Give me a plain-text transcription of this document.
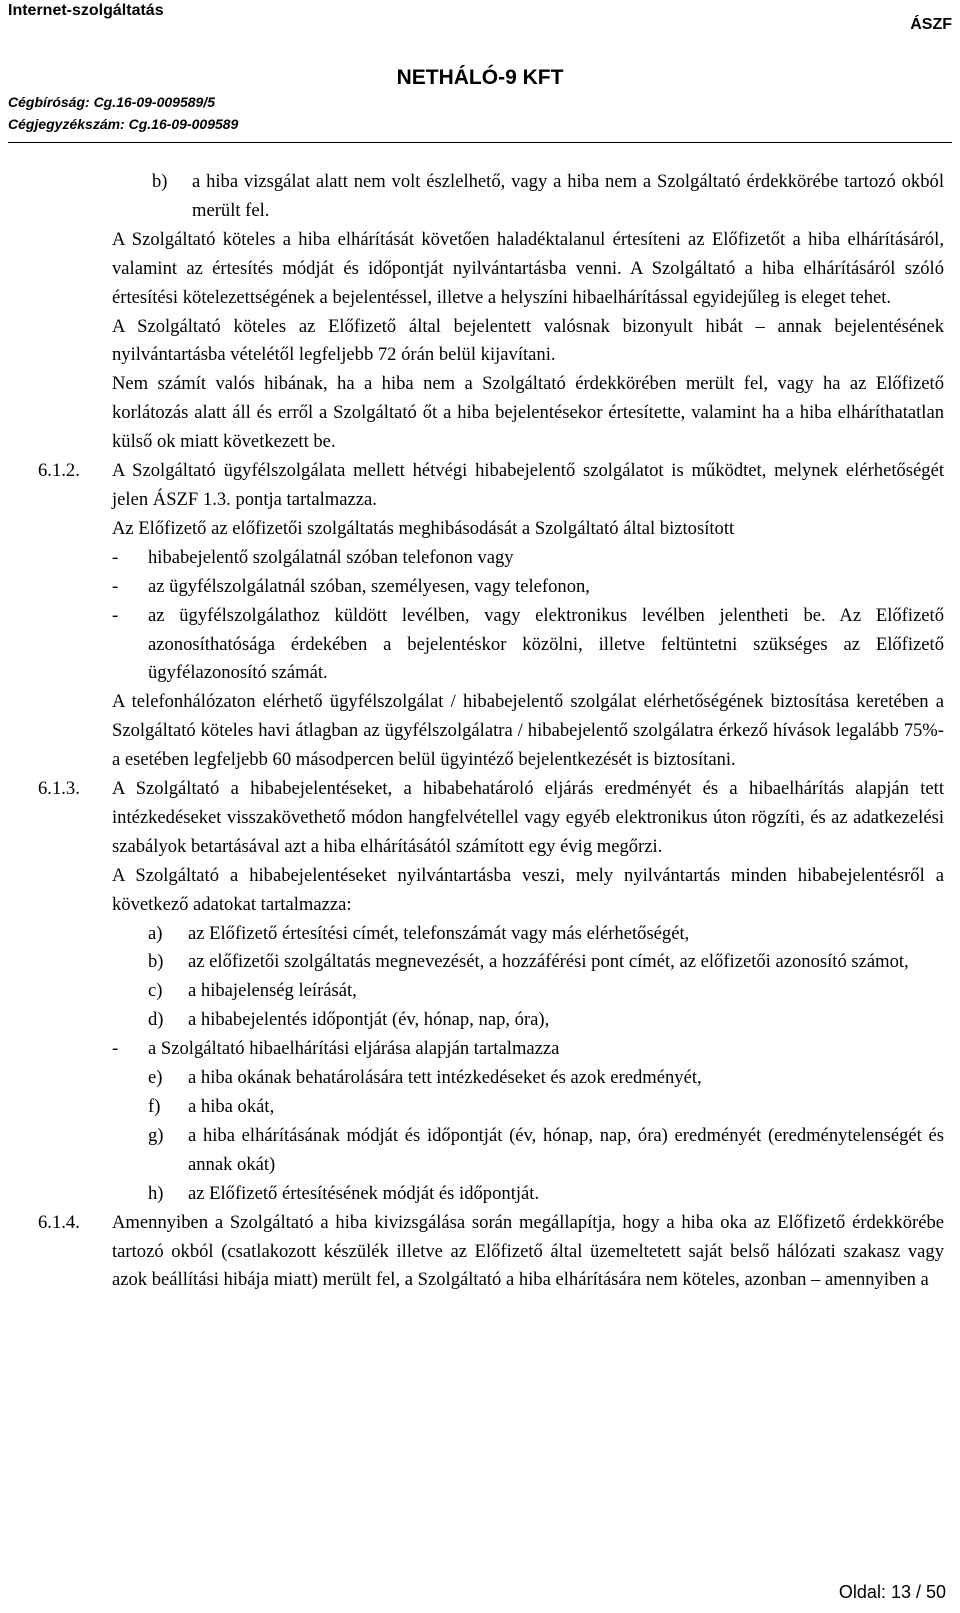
Internet-szolgáltatás
ÁSZF
NETHÁLÓ-9 KFT
Cégbíróság: Cg.16-09-009589/5
Cégjegyzékszám: Cg.16-09-009589
b)	a hiba vizsgálat alatt nem volt észlelhető, vagy a hiba nem a Szolgáltató érdekkörébe tartozó okból merült fel.

A Szolgáltató köteles a hiba elhárítását követően haladéktalanul értesíteni az Előfizetőt a hiba elhárításáról, valamint az értesítés módját és időpontját nyilvántartásba venni. A Szolgáltató a hiba elhárításáról szóló értesítési kötelezettségének a bejelentéssel, illetve a helyszíni hibaelhárítással egyidejűleg is eleget tehet.

A Szolgáltató köteles az Előfizető által bejelentett valósnak bizonyult hibát – annak bejelentésének nyilvántartásba vételétől legfeljebb 72 órán belül kijavítani.

Nem számít valós hibának, ha a hiba nem a Szolgáltató érdekkörében merült fel, vagy ha az Előfizető korlátozás alatt áll és erről a Szolgáltató őt a hiba bejelentésekor értesítette, valamint ha a hiba elháríthatatlan külső ok miatt következett be.

6.1.2. A Szolgáltató ügyfélszolgálata mellett hétvégi hibabejelentő szolgálatot is működtet, melynek elérhetőségét jelen ÁSZF 1.3. pontja tartalmazza.

Az Előfizető az előfizetői szolgáltatás meghibásodását a Szolgáltató által biztosított

-	hibabejelentő szolgálatnál szóban telefonon vagy
-	az ügyfélszolgálatnál szóban, személyesen, vagy telefonon,
-	az ügyfélszolgálathoz küldött levélben, vagy elektronikus levélben jelentheti be. Az Előfizető azonosíthatósága érdekében a bejelentéskor közölni, illetve feltüntetni szükséges az Előfizető ügyfélazonosító számát.

A telefonhálózaton elérhető ügyfélszolgálat / hibabejelentő szolgálat elérhetőségének biztosítása keretében a Szolgáltató köteles havi átlagban az ügyfélszolgálatra / hibabejelentő szolgálatra érkező hívások legalább 75%-a esetében legfeljebb 60 másodpercen belül ügyintéző bejelentkezését is biztosítani.

6.1.3. A Szolgáltató a hibabejelentéseket, a hibabehatároló eljárás eredményét és a hibaelhárítás alapján tett intézkedéseket visszakövethető módon hangfelvétellel vagy egyéb elektronikus úton rögzíti, és az adatkezelési szabályok betartásával azt a hiba elhárításától számított egy évig megőrzi.

A Szolgáltató a hibabejelentéseket nyilvántartásba veszi, mely nyilvántartás minden hibabejelentésről a következő adatokat tartalmazza:

a)	az Előfizető értesítési címét, telefonszámát vagy más elérhetőségét,
b)	az előfizetői szolgáltatás megnevezését, a hozzáférési pont címét, az előfizetői azonosító számot,
c)	a hibajelenség leírását,
d)	a hibabejelentés időpontját (év, hónap, nap, óra),
-	a Szolgáltató hibaelhárítási eljárása alapján tartalmazza
e)	a hiba okának behatárolására tett intézkedéseket és azok eredményét,
f)	a hiba okát,
g)	a hiba elhárításának módját és időpontját (év, hónap, nap, óra) eredményét (eredménytelenségét és annak okát)
h)	az Előfizető értesítésének módját és időpontját.
6.1.4. Amennyiben a Szolgáltató a hiba kivizsgálása során megállapítja, hogy a hiba oka az Előfizető érdekkörébe tartozó okból (csatlakozott készülék illetve az Előfizető által üzemeltetett saját belső hálózati szakasz vagy azok beállítási hibája miatt) merült fel, a Szolgáltató a hiba elhárítására nem köteles, azonban – amennyiben a

Oldal: 13 / 50
